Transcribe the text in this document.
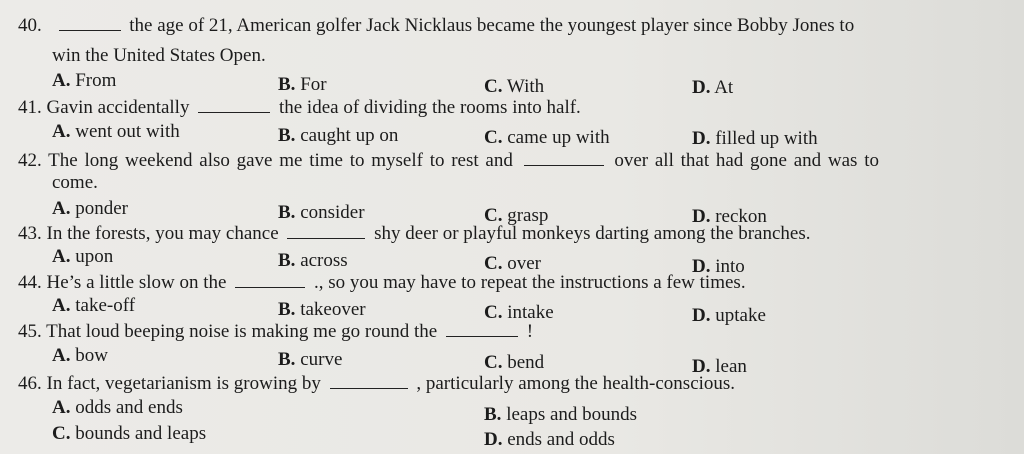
40.	the age of 21, American golfer Jack Nicklaus became the youngest player since Bobby Jones to
win the United States Open.
A. From	B. For	C. With	D. At
41. Gavin accidentally	the idea of dividing the rooms into half.
A. went out with	B. caught up on	C. came up with	D. filled up with
42. The long weekend also gave me time to myself to rest and	over all that had gone and was to
come.
A. ponder	B. consider	C. grasp	D. reckon
43. In the forests, you may chance	shy deer or playful monkeys darting among the branches.
A. upon	B. across	C. over	D. into
44. He’s a little slow on the	., so you may have to repeat the instructions a few times.
A. take-off	B. takeover	C. intake	D. uptake
45. That loud beeping noise is making me go round the	!
A. bow	B. curve	C. bend	D. lean
46. In fact, vegetarianism is growing by	, particularly among the health-conscious.
A. odds and ends	B. leaps and bounds
C. bounds and leaps	D. ends and odds
